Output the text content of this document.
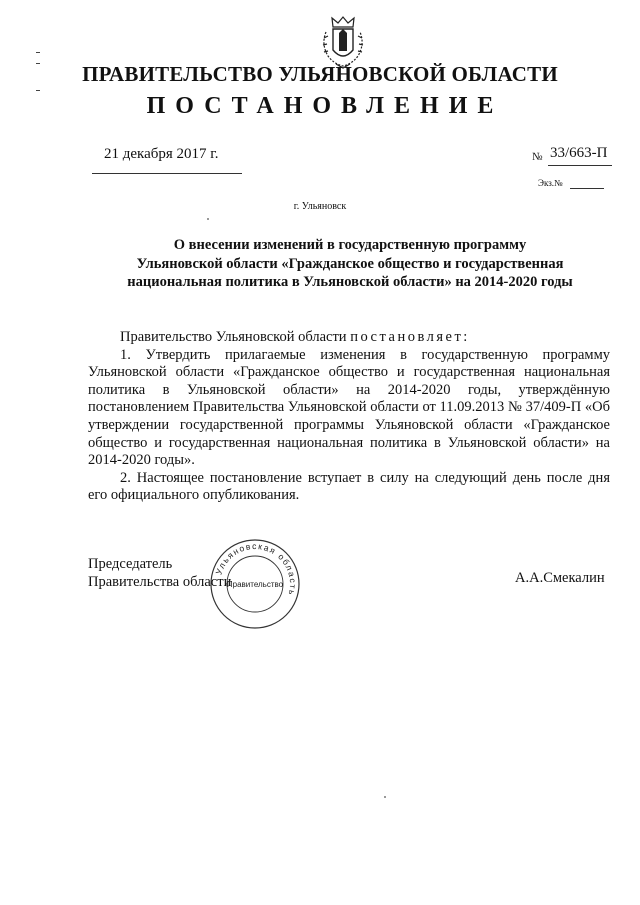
ПРАВИТЕЛЬСТВО УЛЬЯНОВСКОЙ ОБЛАСТИ
ПОСТАНОВЛЕНИЕ
21 декабря 2017 г.	№ 33/663-П
Экз.№
г. Ульяновск
О внесении изменений в государственную программу
Ульяновской области «Гражданское общество и государственная
национальная политика в Ульяновской области» на 2014-2020 годы

Правительство Ульяновской области постановляет:

1. Утвердить прилагаемые изменения в государственную программу Ульяновской области «Гражданское общество и государственная национальная политика в Ульяновской области» на 2014-2020 годы, утверждённую постановлением Правительства Ульяновской области от 11.09.2013 № 37/409-П «Об утверждении государственной программы Ульяновской области «Гражданское общество и государственная национальная политика в Ульяновской области» на 2014-2020 годы».

2. Настоящее постановление вступает в силу на следующий день после дня его официального опубликования.

Председатель
Правительства области
Ульяновская область
Правительство	А.А.Смекалин
